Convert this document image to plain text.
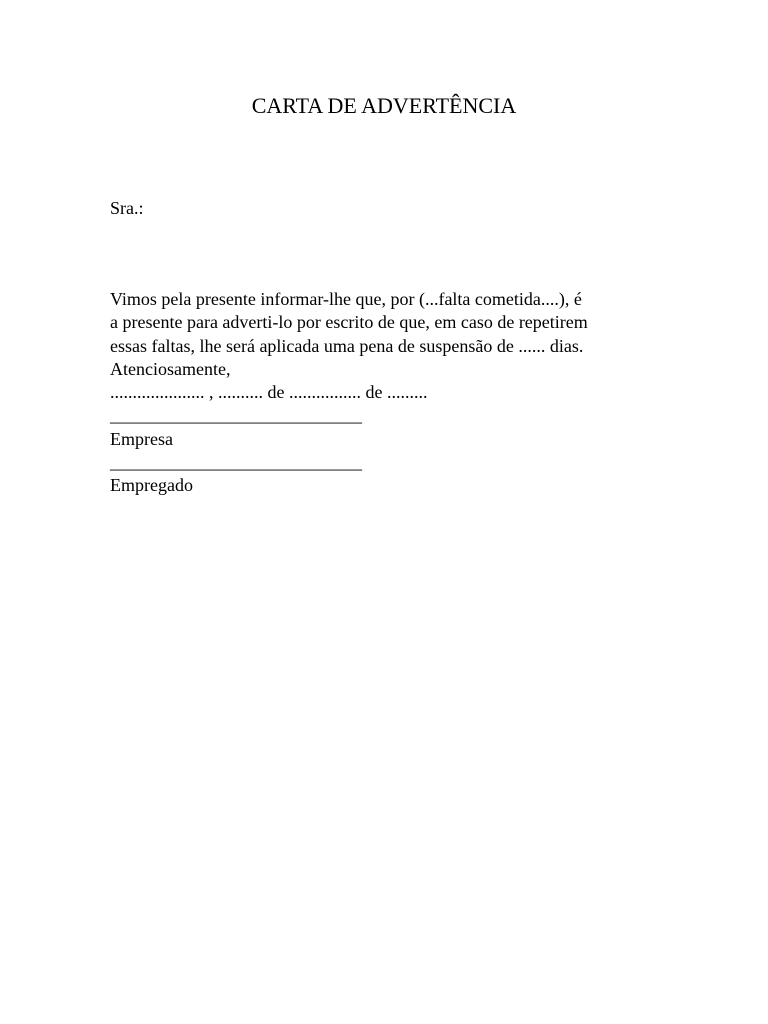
CARTA DE ADVERTÊNCIA
Sra.:
Vimos pela presente informar-lhe que, por (...falta cometida....), é
a presente para adverti-lo por escrito de que, em caso de repetirem
essas faltas, lhe será aplicada uma pena de suspensão de ...... dias.
Atenciosamente,
..................... , .......... de ................ de .........
____________________________
Empresa
____________________________
Empregado
